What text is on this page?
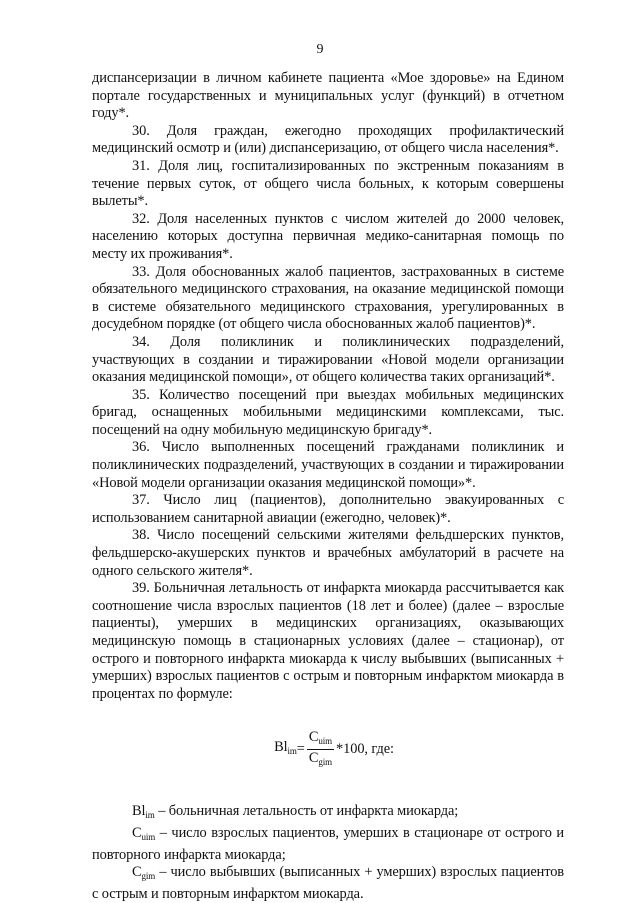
9

диспансеризации в личном кабинете пациента «Мое здоровье» на Едином портале государственных и муниципальных услуг (функций) в отчетном году*.

30. Доля граждан, ежегодно проходящих профилактический медицинский осмотр и (или) диспансеризацию, от общего числа населения*.

31. Доля лиц, госпитализированных по экстренным показаниям в течение первых суток, от общего числа больных, к которым совершены вылеты*.

32. Доля населенных пунктов с числом жителей до 2000 человек, населению которых доступна первичная медико-санитарная помощь по месту их проживания*.

33. Доля обоснованных жалоб пациентов, застрахованных в системе обязательного медицинского страхования, на оказание медицинской помощи в системе обязательного медицинского страхования, урегулированных в досудебном порядке (от общего числа обоснованных жалоб пациентов)*.

34. Доля поликлиник и поликлинических подразделений, участвующих в создании и тиражировании «Новой модели организации оказания медицинской помощи», от общего количества таких организаций*.

35. Количество посещений при выездах мобильных медицинских бригад, оснащенных мобильными медицинскими комплексами, тыс. посещений на одну мобильную медицинскую бригаду*.

36. Число выполненных посещений гражданами поликлиник и поликлинических подразделений, участвующих в создании и тиражировании «Новой модели организации оказания медицинской помощи»*.

37. Число лиц (пациентов), дополнительно эвакуированных с использованием санитарной авиации (ежегодно, человек)*.

38. Число посещений сельскими жителями фельдшерских пунктов, фельдшерско-акушерских пунктов и врачебных амбулаторий в расчете на одного сельского жителя*.

39. Больничная летальность от инфаркта миокарда рассчитывается как соотношение числа взрослых пациентов (18 лет и более) (далее – взрослые пациенты), умерших в медицинских организациях, оказывающих медицинскую помощь в стационарных условиях (далее – стационар), от острого и повторного инфаркта миокарда к числу выбывших (выписанных + умерших) взрослых пациентов с острым и повторным инфарктом миокарда в процентах по формуле:

$Bl_{im} = \frac{C_{uim}}{C_{gim}} *100$, где:

$Bl_{im}$ – больничная летальность от инфаркта миокарда;

$C_{uim}$ – число взрослых пациентов, умерших в стационаре от острого и повторного инфаркта миокарда;

$C_{gim}$ – число выбывших (выписанных + умерших) взрослых пациентов с острым и повторным инфарктом миокарда.
